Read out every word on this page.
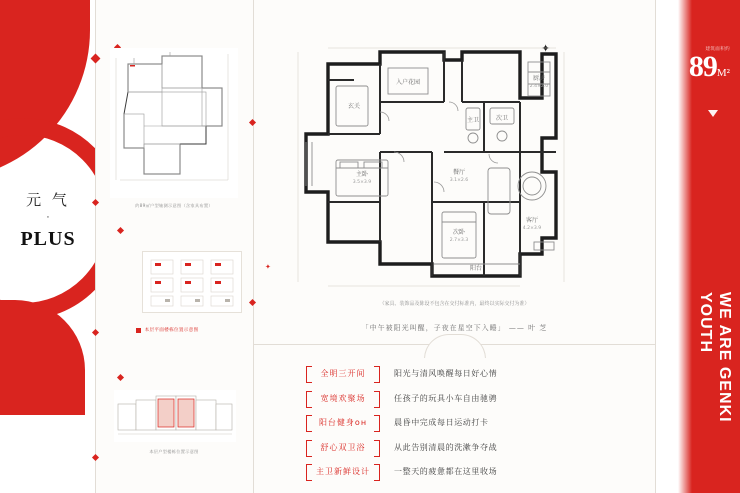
元 气
·
PLUS
✦
✦
✦
约89㎡户型轴测示意图（含家具布置）
本层平面楼栋位置示意图
本层户型楼栋位置示意图
主卧
3.5×3.9
次卧
2.7×3.3
客厅
4.2×3.9
餐厅
3.1×2.6
厨房
2.4×2.0
主卫	次卫
阳台
入户花园
玄关
（家具、装饰品及陈设不包含在交付标准内，最终以实际交付为准）
「中午被阳光叫醒，子夜在星空下入睡」 —— 叶 芝
全明三开间	阳光与清风唤醒每日好心情
宽境欢聚场	任孩子的玩具小车自由驰骋
阳台健身он	晨昏中完成每日运动打卡
舒心双卫浴	从此告别清晨的洗漱争夺战
主卫新鲜设计	一整天的疲惫都在这里收场
建筑面积约
89M²
WE ARE GENKI YOUTH
